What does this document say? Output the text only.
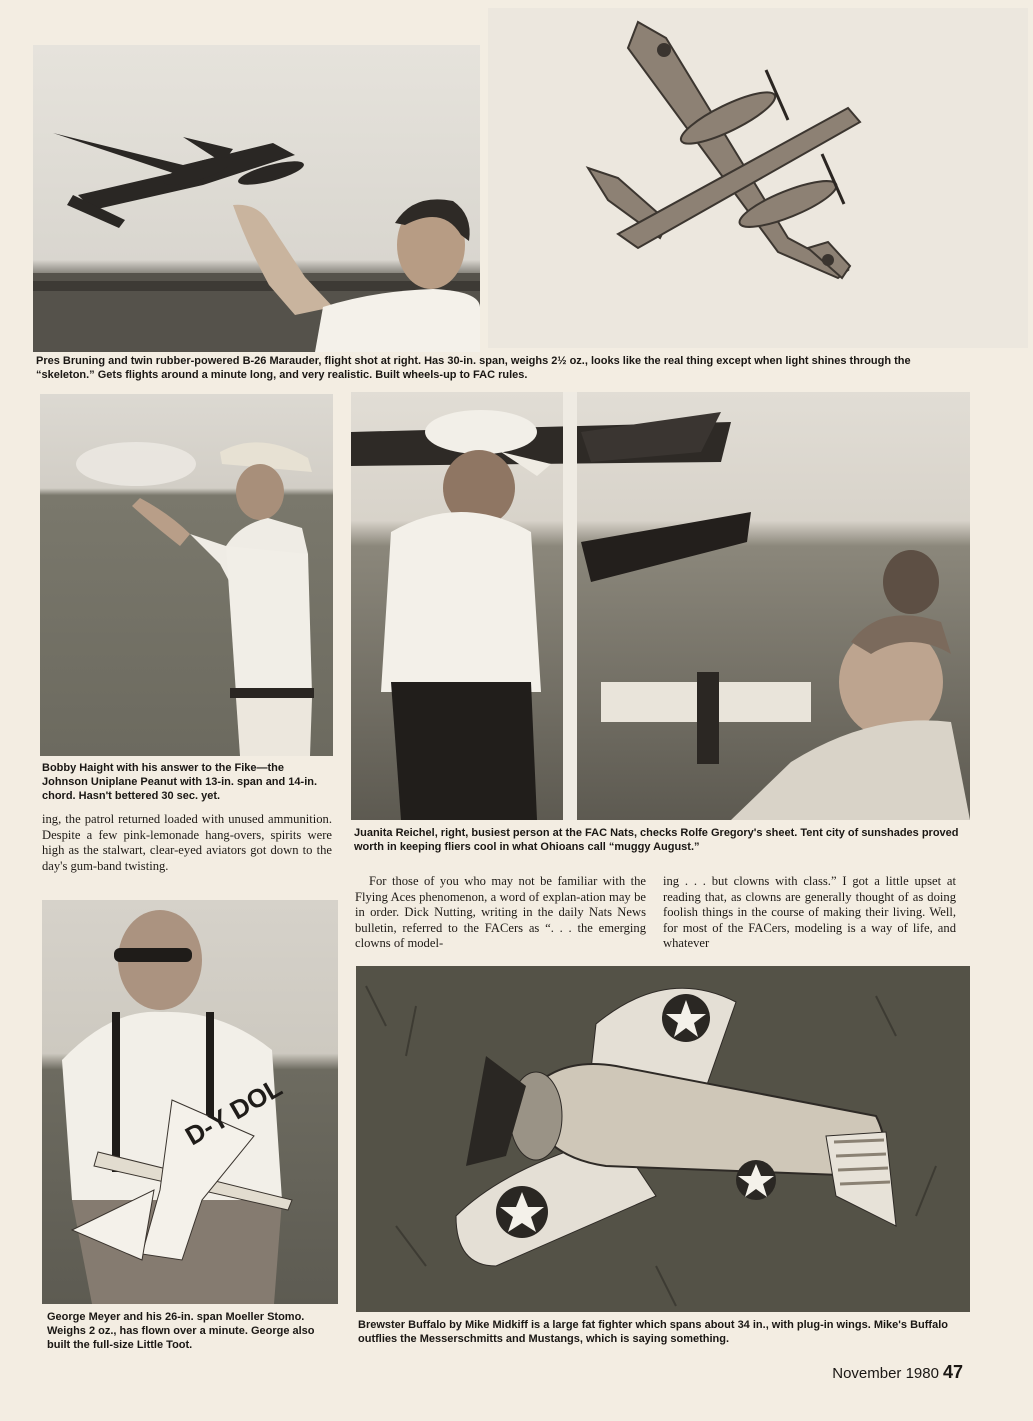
Pres Bruning and twin rubber-powered B-26 Marauder, flight shot at right. Has 30-in. span, weighs 2½ oz., looks like the real thing except when light shines through the “skeleton.” Gets flights around a minute long, and very realistic. Built wheels-up to FAC rules.
Bobby Haight with his answer to the Fike—the Johnson Uniplane Peanut with 13-in. span and 14-in. chord. Hasn't bettered 30 sec. yet.
Juanita Reichel, right, busiest person at the FAC Nats, checks Rolfe Gregory's sheet. Tent city of sunshades proved worth in keeping fliers cool in what Ohioans call “muggy August.”

ing, the patrol returned loaded with unused ammunition. Despite a few pink-lemonade hang-overs, spirits were high as the stalwart, clear-eyed aviators got down to the day's gum-band twisting.

For those of you who may not be familiar with the Flying Aces phenomenon, a word of explan-ation may be in order. Dick Nutting, writing in the daily Nats News bulletin, referred to the FACers as “. . . the emerging clowns of model-

ing . . . but clowns with class.” I got a little upset at reading that, as clowns are generally thought of as doing foolish things in the course of making their living. Well, for most of the FACers, modeling is a way of life, and whatever

D-Y DOL
George Meyer and his 26-in. span Moeller Stomo. Weighs 2 oz., has flown over a minute. George also built the full-size Little Toot.
Brewster Buffalo by Mike Midkiff is a large fat fighter which spans about 34 in., with plug-in wings. Mike's Buffalo outflies the Messerschmitts and Mustangs, which is saying something.
November 1980 47
